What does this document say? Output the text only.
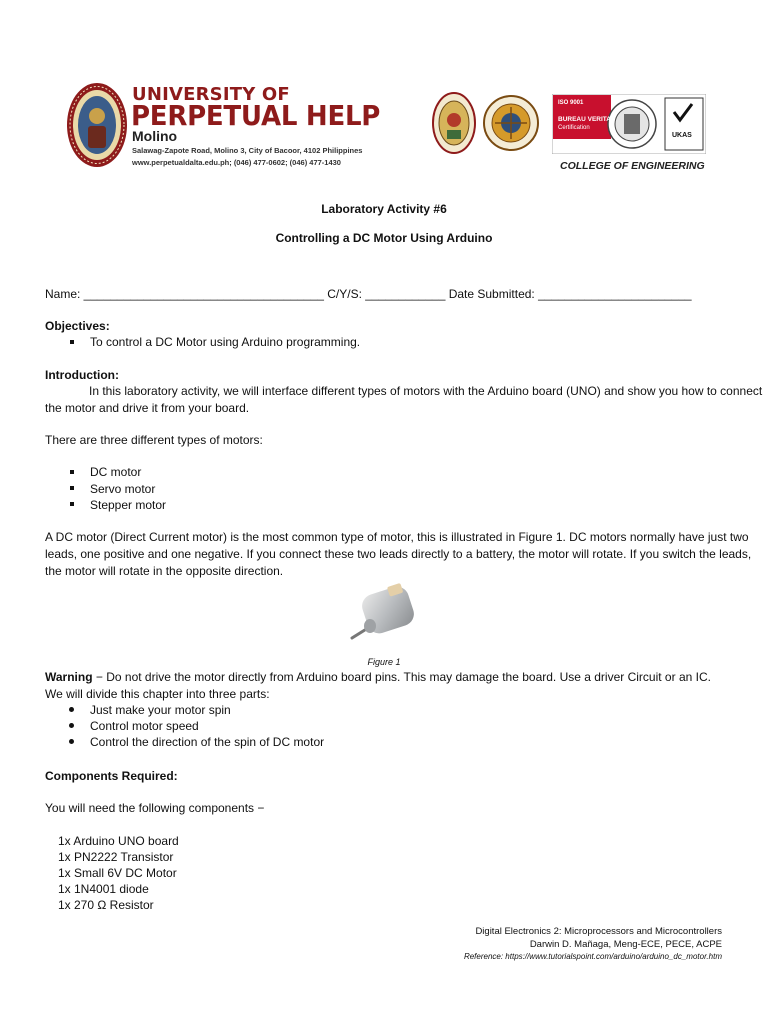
UNIVERSITY OF
PERPETUAL HELP
Molino
Salawag-Zapote Road, Molino 3, City of Bacoor, 4102 Philippines
www.perpetualdalta.edu.ph; (046) 477-0602; (046) 477-1430
ISO 9001
BUREAU VERITAS
Certification
UKAS
COLLEGE OF ENGINEERING
Laboratory Activity #6
Controlling a DC Motor Using Arduino
Name: ____________________________________ C/Y/S: ____________ Date Submitted: _______________________
Objectives:
To control a DC Motor using Arduino programming.
Introduction:
In this laboratory activity, we will interface different types of motors with the Arduino board (UNO) and show you how to connect
the motor and drive it from your board.
There are three different types of motors:
DC motor
Servo motor
Stepper motor
A DC motor (Direct Current motor) is the most common type of motor, this is illustrated in Figure 1. DC motors normally have just two
leads, one positive and one negative. If you connect these two leads directly to a battery, the motor will rotate. If you switch the leads,
the motor will rotate in the opposite direction.
Figure 1
Warning − Do not drive the motor directly from Arduino board pins. This may damage the board. Use a driver Circuit or an IC.
We will divide this chapter into three parts:
Just make your motor spin
Control motor speed
Control the direction of the spin of DC motor
Components Required:
You will need the following components −
1x Arduino UNO board
1x PN2222 Transistor
1x Small 6V DC Motor
1x 1N4001 diode
1x 270 Ω Resistor
Digital Electronics 2: Microprocessors and Microcontrollers
Darwin D. Mañaga, Meng-ECE, PECE, ACPE
Reference: https://www.tutorialspoint.com/arduino/arduino_dc_motor.htm
